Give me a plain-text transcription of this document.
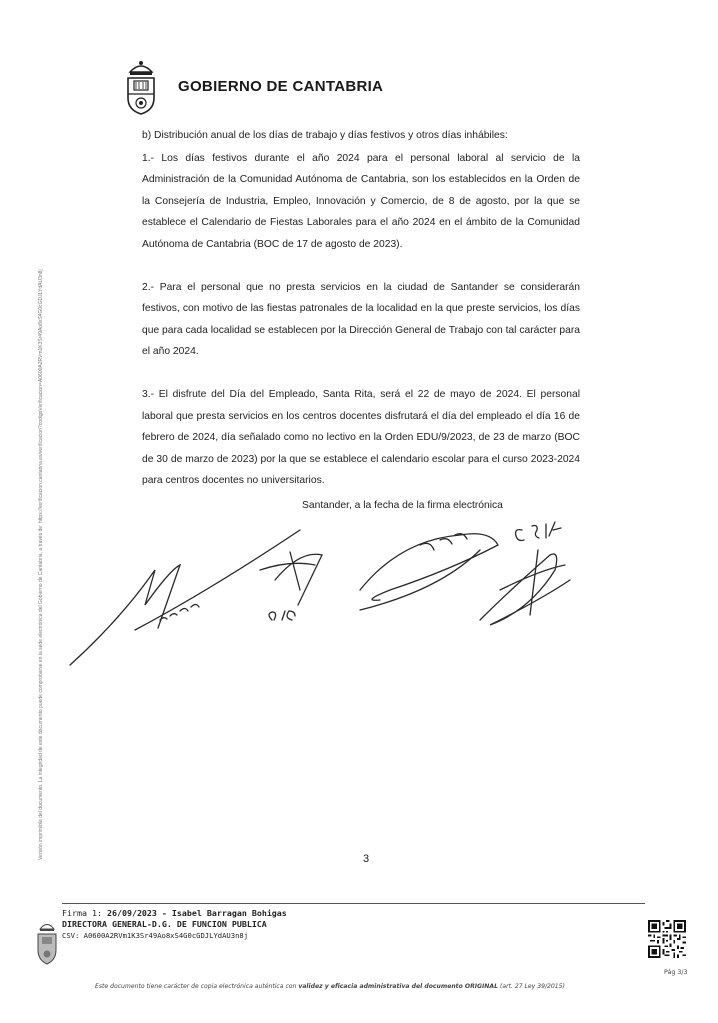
GOBIERNO DE CANTABRIA
Versión imprimible del documento. La integridad de este documento puede comprobarse en la sede electrónica del Gobierno de Cantabria, a través de: https://verificacion.cantabria.es/verificacion?codigoVerificacion=A0600A2RVm1K3Sr49Ao8xS4G0cGDJLYdAU3n8j

b) Distribución anual de los días de trabajo y días festivos y otros días inhábiles:

1.- Los días festivos durante el año 2024 para el personal laboral al servicio de la Administración de la Comunidad Autónoma de Cantabria, son los establecidos en la Orden de la Consejería de Industria, Empleo, Innovación y Comercio, de 8 de agosto, por la que se establece el Calendario de Fiestas Laborales para el año 2024 en el ámbito de la Comunidad Autónoma de Cantabria (BOC de 17 de agosto de 2023).

2.- Para el personal que no presta servicios en la ciudad de Santander se considerarán festivos, con motivo de las fiestas patronales de la localidad en la que preste servicios, los días que para cada localidad se establecen por la Dirección General de Trabajo con tal carácter para el año 2024.

3.- El disfrute del Día del Empleado, Santa Rita, será el 22 de mayo de 2024. El personal laboral que presta servicios en los centros docentes disfrutará el día del empleado el día 16 de febrero de 2024, día señalado como no lectivo en la Orden EDU/9/2023, de 23 de marzo (BOC de 30 de marzo de 2023) por la que se establece el calendario escolar para el curso 2023-2024 para centros docentes no universitarios.

Santander, a la fecha de la firma electrónica
3
Firma 1: 26/09/2023 - Isabel Barragan Bohigas
DIRECTORA GENERAL-D.G. DE FUNCION PUBLICA
CSV: A0600A2RVm1K3Sr49Ao8xS4G0cGDJLYdAU3n8j
Pág 3/3
Este documento tiene carácter de copia electrónica auténtica con validez y eficacia administrativa del documento ORIGINAL (art. 27 Ley 39/2015)
